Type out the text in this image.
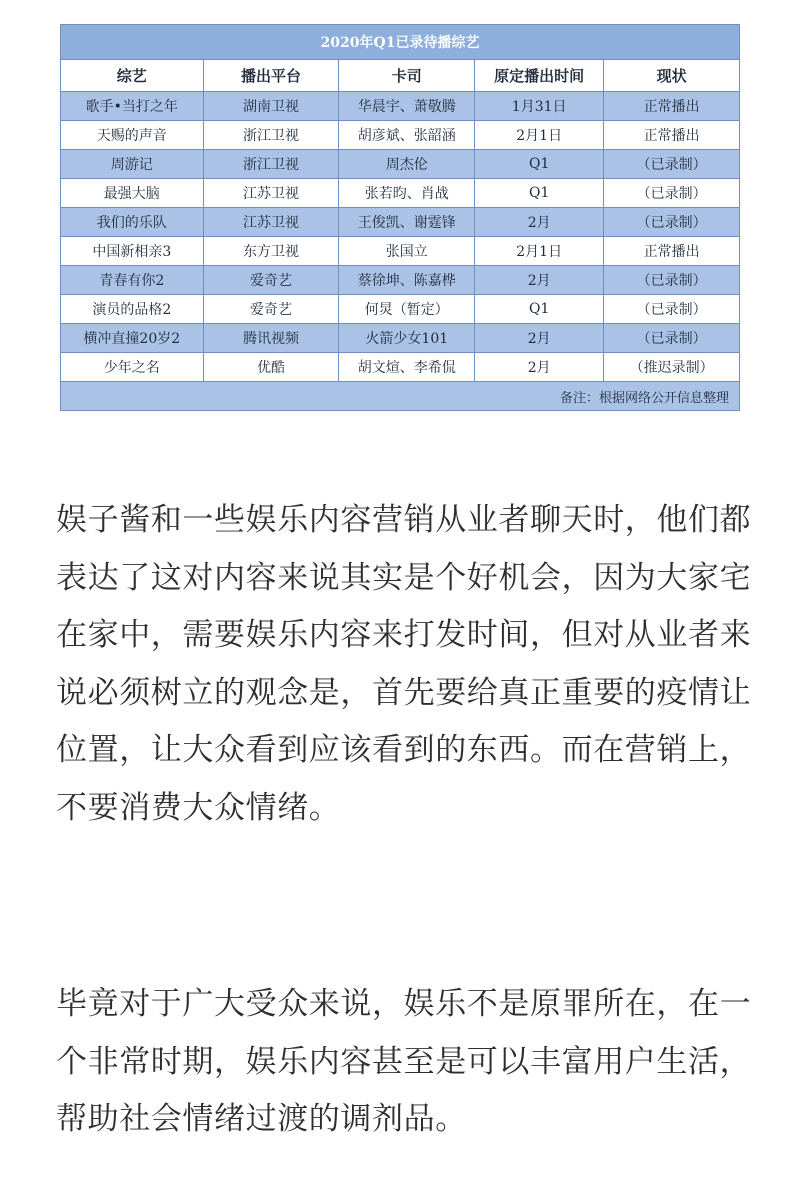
2020年Q1已录待播综艺				
综艺	播出平台	卡司	原定播出时间	现状
歌手•当打之年	湖南卫视	华晨宇、萧敬腾	1月31日	正常播出
天赐的声音	浙江卫视	胡彦斌、张韶涵	2月1日	正常播出
周游记	浙江卫视	周杰伦	Q1	（已录制）
最强大脑	江苏卫视	张若昀、肖战	Q1	（已录制）
我们的乐队	江苏卫视	王俊凯、谢霆锋	2月	（已录制）
中国新相亲3	东方卫视	张国立	2月1日	正常播出
青春有你2	爱奇艺	蔡徐坤、陈嘉桦	2月	（已录制）
演员的品格2	爱奇艺	何炅（暂定）	Q1	（已录制）
横冲直撞20岁2	腾讯视频	火箭少女101	2月	（已录制）
少年之名	优酷	胡文煊、李希侃	2月	（推迟录制）
备注：根据网络公开信息整理				

娱子酱和一些娱乐内容营销从业者聊天时，他们都表达了这对内容来说其实是个好机会，因为大家宅在家中，需要娱乐内容来打发时间，但对从业者来说必须树立的观念是，首先要给真正重要的疫情让位置，让大众看到应该看到的东西。而在营销上，不要消费大众情绪。

毕竟对于广大受众来说，娱乐不是原罪所在，在一个非常时期，娱乐内容甚至是可以丰富用户生活，帮助社会情绪过渡的调剂品。
